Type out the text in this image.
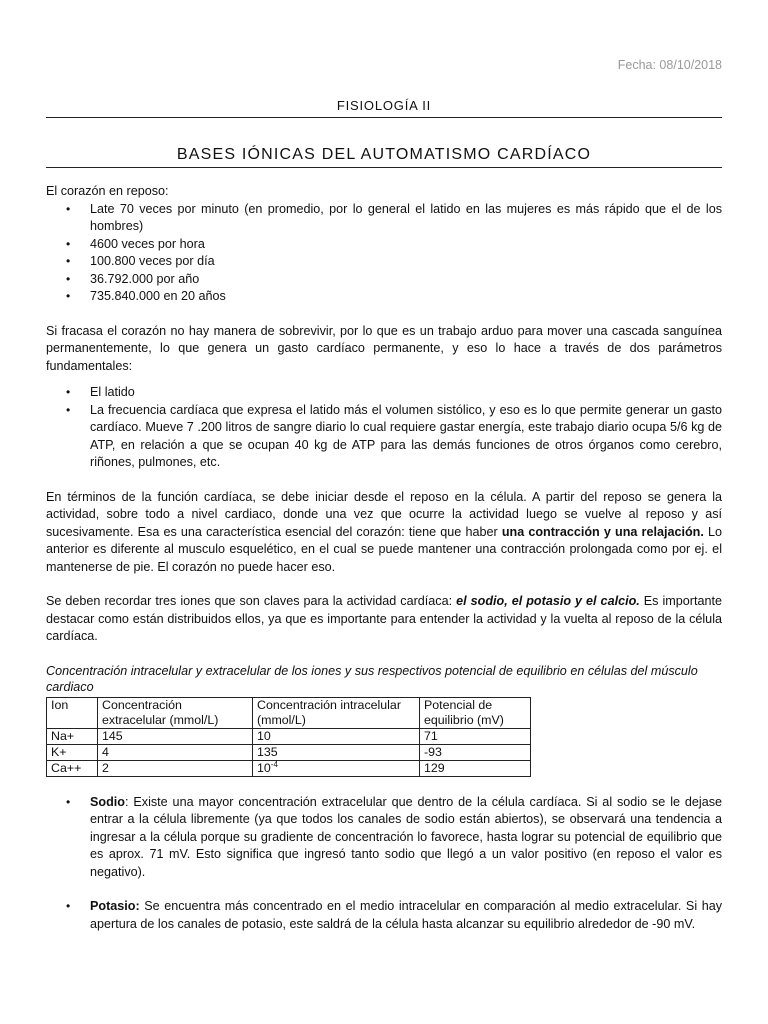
Fecha: 08/10/2018
FISIOLOGÍA II
BASES IÓNICAS DEL AUTOMATISMO CARDÍACO

El corazón en reposo:

• Late 70 veces por minuto (en promedio, por lo general el latido en las mujeres es más rápido que el de los hombres)
• 4600 veces por hora
• 100.800 veces por día
• 36.792.000 por año
• 735.840.000 en 20 años

Si fracasa el corazón no hay manera de sobrevivir, por lo que es un trabajo arduo para mover una cascada sanguínea permanentemente, lo que genera un gasto cardíaco permanente, y eso lo hace a través de dos parámetros fundamentales:

• El latido
• La frecuencia cardíaca que expresa el latido más el volumen sistólico, y eso es lo que permite generar un gasto cardíaco. Mueve 7 .200 litros de sangre diario lo cual requiere gastar energía, este trabajo diario ocupa 5/6 kg de ATP, en relación a que se ocupan 40 kg de ATP para las demás funciones de otros órganos como cerebro, riñones, pulmones, etc.

En términos de la función cardíaca, se debe iniciar desde el reposo en la célula. A partir del reposo se genera la actividad, sobre todo a nivel cardiaco, donde una vez que ocurre la actividad luego se vuelve al reposo y así sucesivamente. Esa es una característica esencial del corazón: tiene que haber una contracción y una relajación. Lo anterior es diferente al musculo esquelético, en el cual se puede mantener una contracción prolongada como por ej. el mantenerse de pie. El corazón no puede hacer eso.

Se deben recordar tres iones que son claves para la actividad cardíaca: el sodio, el potasio y el calcio. Es importante destacar como están distribuidos ellos, ya que es importante para entender la actividad y la vuelta al reposo de la célula cardíaca.

Concentración intracelular y extracelular de los iones y sus respectivos potencial de equilibrio en células del músculo cardiaco

Ion	Concentración extracelular (mmol/L)	Concentración intracelular (mmol/L)	Potencial de equilibrio (mV)
Na+	145	10	71
K+	4	135	-93
Ca++	2	$10^{-4}$	129
• Sodio: Existe una mayor concentración extracelular que dentro de la célula cardíaca. Si al sodio se le dejase entrar a la célula libremente (ya que todos los canales de sodio están abiertos), se observará una tendencia a ingresar a la célula porque su gradiente de concentración lo favorece, hasta lograr su potencial de equilibrio que es aprox. 71 mV. Esto significa que ingresó tanto sodio que llegó a un valor positivo (en reposo el valor es negativo).
• Potasio: Se encuentra más concentrado en el medio intracelular en comparación al medio extracelular. Si hay apertura de los canales de potasio, este saldrá de la célula hasta alcanzar su equilibrio alrededor de -90 mV.
